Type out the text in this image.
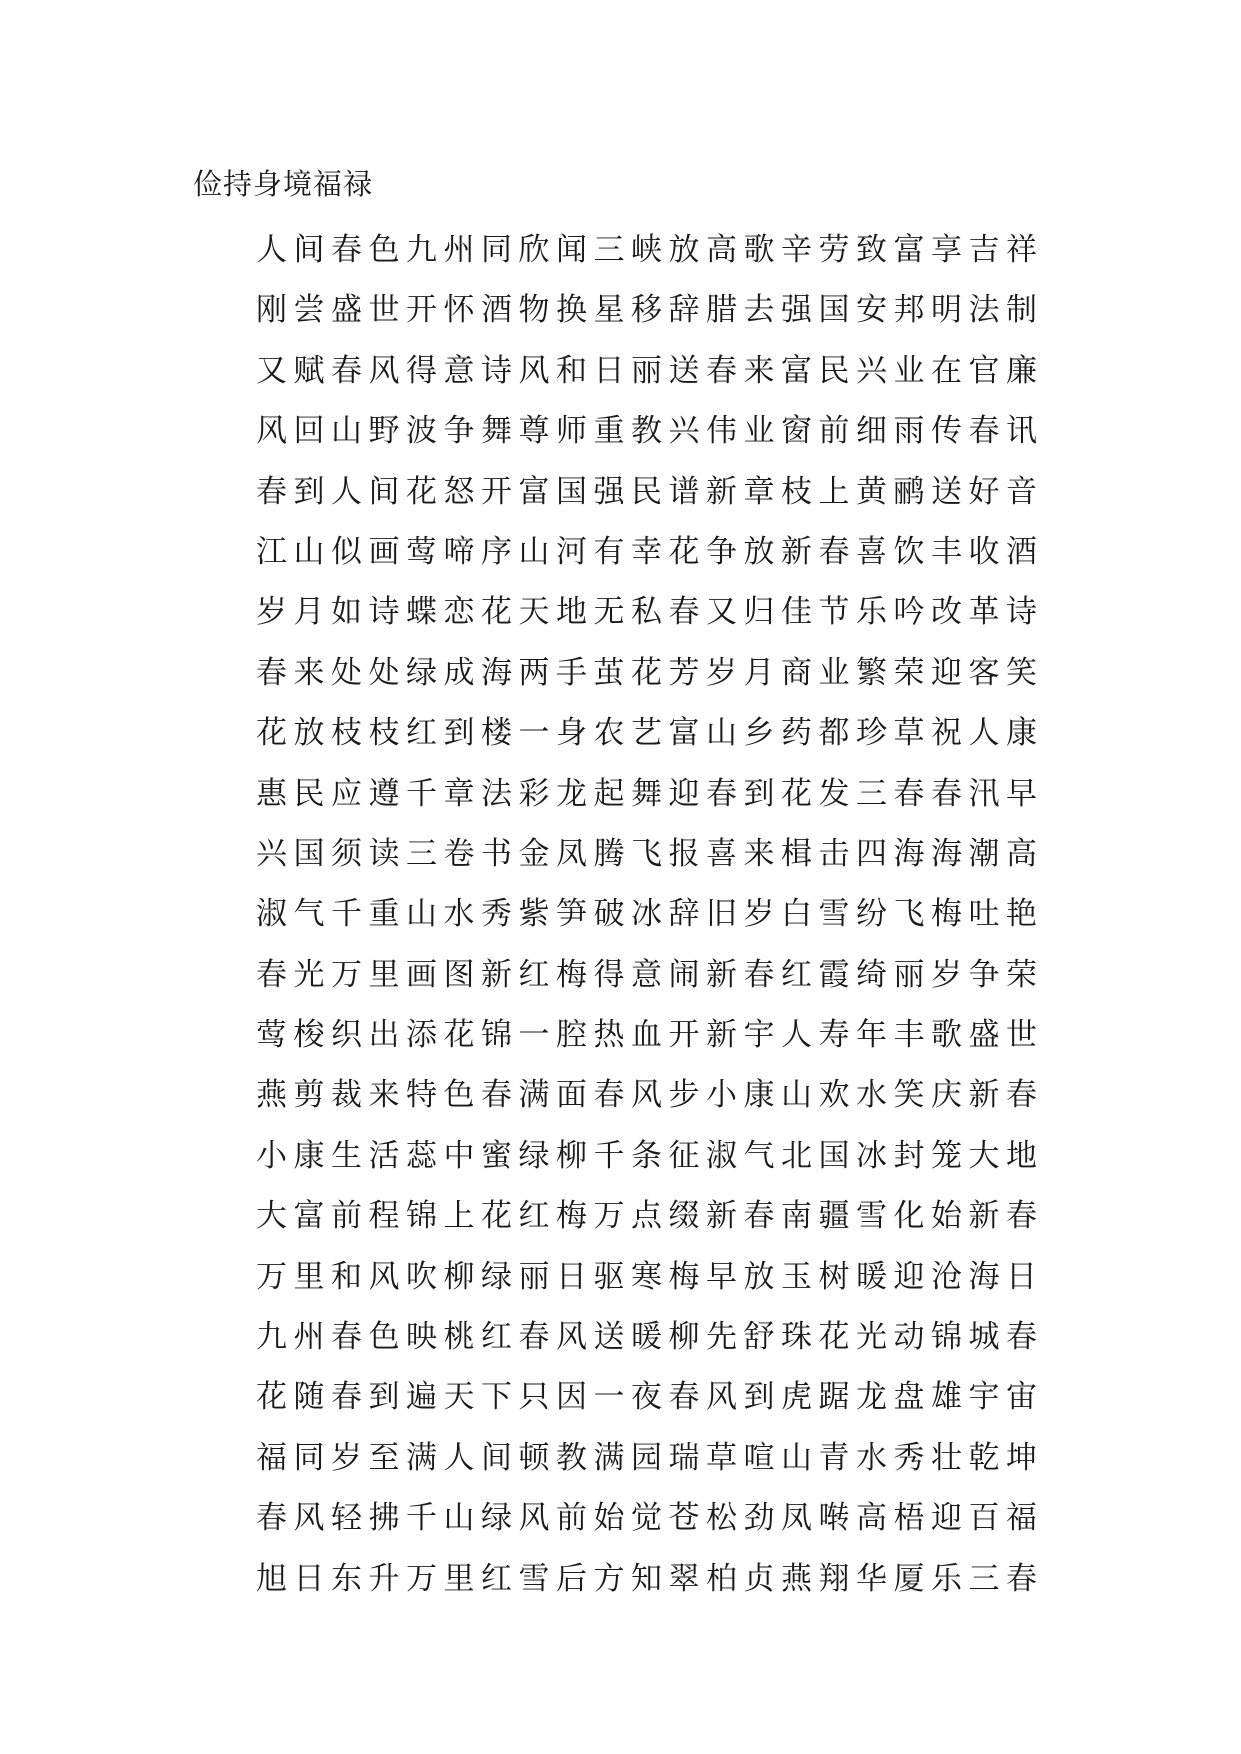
俭持身境福禄
人间春色九州同欣闻三峡放高歌辛劳致富享吉祥
刚尝盛世开怀酒物换星移辞腊去强国安邦明法制
又赋春风得意诗风和日丽送春来富民兴业在官廉
风回山野波争舞尊师重教兴伟业窗前细雨传春讯
春到人间花怒开富国强民谱新章枝上黄鹂送好音
江山似画莺啼序山河有幸花争放新春喜饮丰收酒
岁月如诗蝶恋花天地无私春又归佳节乐吟改革诗
春来处处绿成海两手茧花芳岁月商业繁荣迎客笑
花放枝枝红到楼一身农艺富山乡药都珍草祝人康
惠民应遵千章法彩龙起舞迎春到花发三春春汛早
兴国须读三卷书金凤腾飞报喜来楫击四海海潮高
淑气千重山水秀紫笋破冰辞旧岁白雪纷飞梅吐艳
春光万里画图新红梅得意闹新春红霞绮丽岁争荣
莺梭织出添花锦一腔热血开新宇人寿年丰歌盛世
燕剪裁来特色春满面春风步小康山欢水笑庆新春
小康生活蕊中蜜绿柳千条征淑气北国冰封笼大地
大富前程锦上花红梅万点缀新春南疆雪化始新春
万里和风吹柳绿丽日驱寒梅早放玉树暖迎沧海日
九州春色映桃红春风送暖柳先舒珠花光动锦城春
花随春到遍天下只因一夜春风到虎踞龙盘雄宇宙
福同岁至满人间顿教满园瑞草喧山青水秀壮乾坤
春风轻拂千山绿风前始觉苍松劲凤啭高梧迎百福
旭日东升万里红雪后方知翠柏贞燕翔华厦乐三春
